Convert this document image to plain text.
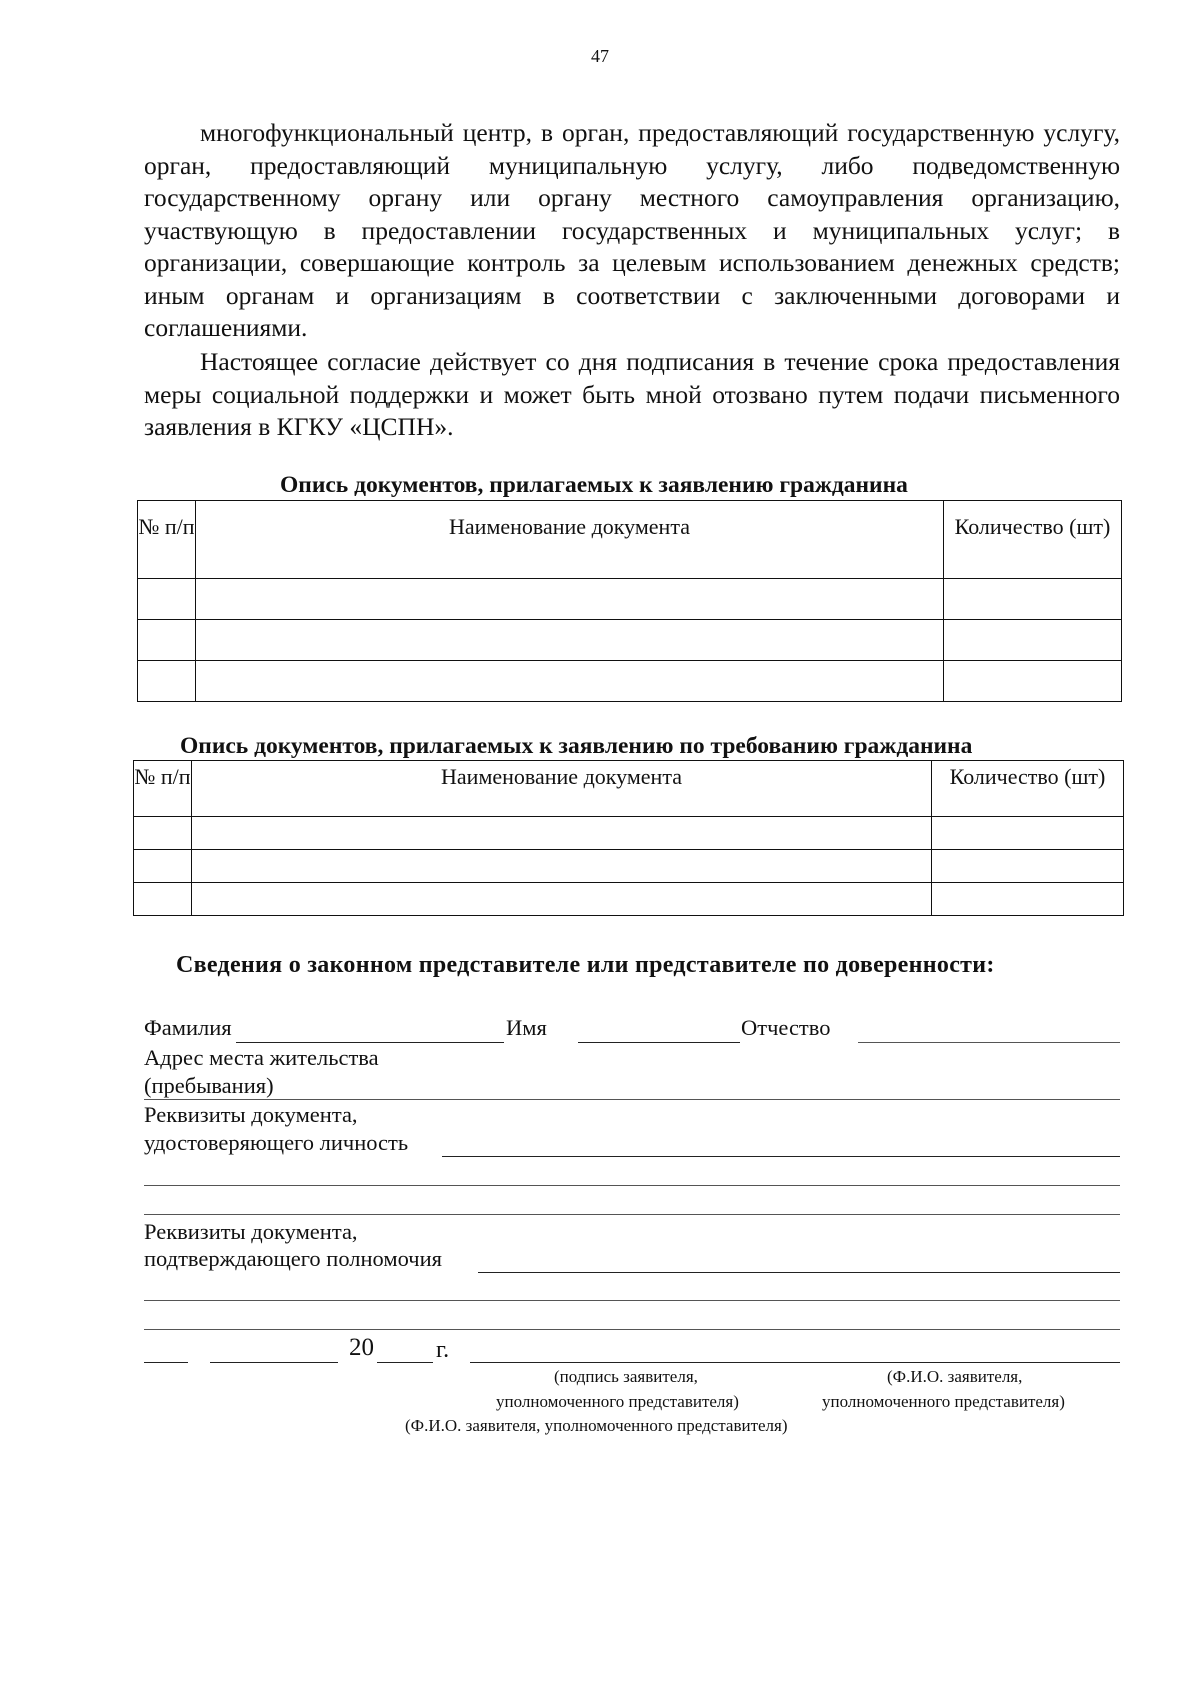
47

многофункциональный центр, в орган, предоставляющий государственную услугу, орган, предоставляющий муниципальную услугу, либо подведомственную государственному органу или органу местного самоуправления организацию, участвующую в предоставлении государственных и муниципальных услуг; в организации, совершающие контроль за целевым использованием денежных средств; иным органам и организациям в соответствии с заключенными договорами и соглашениями.

Настоящее согласие действует со дня подписания в течение срока предоставления меры социальной поддержки и может быть мной отозвано путем подачи письменного заявления в КГКУ «ЦСПН».

Опись документов, прилагаемых к заявлению гражданина
№ п/п	Наименование документа	Количество (шт)

Опись документов, прилагаемых к заявлению по требованию гражданина
№ п/п	Наименование документа	Количество (шт)

Сведения о законном представителе или представителе по доверенности:
Фамилия	Имя	Отчество
Адрес места жительства
(пребывания)
Реквизиты документа,
удостоверяющего личность
Реквизиты документа,
подтверждающего полномочия
20	г.
(подпись заявителя,
уполномоченного представителя)
(Ф.И.О. заявителя,
уполномоченного представителя)
(Ф.И.О. заявителя, уполномоченного представителя)
